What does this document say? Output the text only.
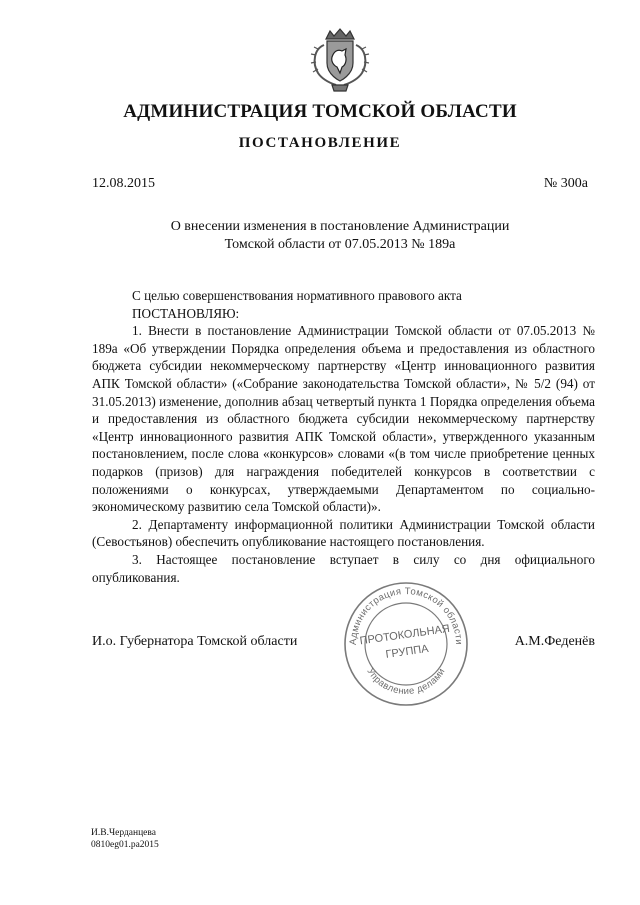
АДМИНИСТРАЦИЯ ТОМСКОЙ ОБЛАСТИ
ПОСТАНОВЛЕНИЕ
12.08.2015	№ 300а
О внесении изменения в постановление Администрации
Томской области от 07.05.2013 № 189а

С целью совершенствования нормативного правового акта

ПОСТАНОВЛЯЮ:

1. Внести в постановление Администрации Томской области от 07.05.2013 № 189а «Об утверждении Порядка определения объема и предоставления из областного бюджета субсидии некоммерческому партнерству «Центр инновационного развития АПК Томской области» («Собрание законодательства Томской области», № 5/2 (94) от 31.05.2013) изменение, дополнив абзац четвертый пункта 1 Порядка определения объема и предоставления из областного бюджета субсидии некоммерческому партнерству «Центр инновационного развития АПК Томской области», утвержденного указанным постановлением, после слова «конкурсов» словами «(в том числе приобретение ценных подарков (призов) для награждения победителей конкурсов в соответствии с положениями о конкурсах, утверждаемыми Департаментом по социально-экономическому развитию села Томской области)».

2. Департаменту информационной политики Администрации Томской области (Севостьянов) обеспечить опубликование настоящего постановления.

3. Настоящее постановление вступает в силу со дня официального опубликования.

Администрация Томской области
Управление делами
ПРОТОКОЛЬНАЯ
ГРУППА
И.о. Губернатора Томской области	А.М.Феденёв
И.В.Черданцева
0810eg01.pa2015
